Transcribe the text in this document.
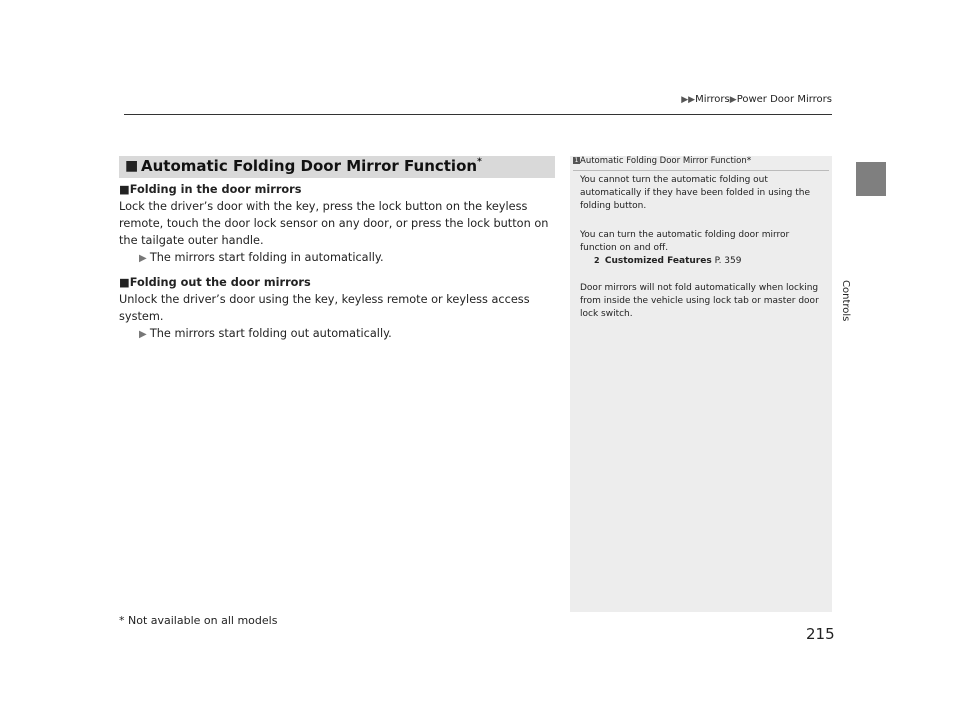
▶▶Mirrors▶Power Door Mirrors
Controls
■ Automatic Folding Door Mirror Function*
■Folding in the door mirrors
Lock the driver’s door with the key, press the lock button on the keyless remote, touch the door lock sensor on any door, or press the lock button on the tailgate outer handle.
▶ The mirrors start folding in automatically.
■Folding out the door mirrors
Unlock the driver’s door using the key, keyless remote or keyless access system.
▶ The mirrors start folding out automatically.
1 Automatic Folding Door Mirror Function*
You cannot turn the automatic folding out automatically if they have been folded in using the folding button.
You can turn the automatic folding door mirror function on and off.
2 Customized Features P. 359
Door mirrors will not fold automatically when locking from inside the vehicle using lock tab or master door lock switch.
* Not available on all models
215
